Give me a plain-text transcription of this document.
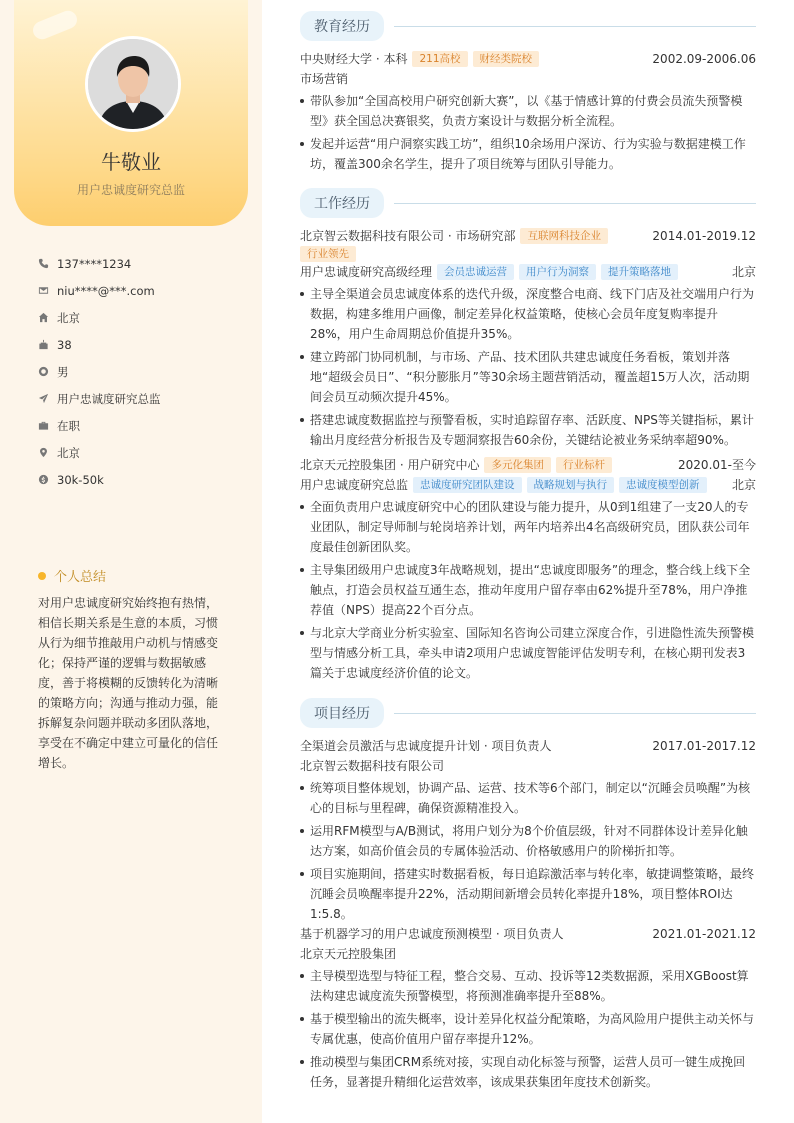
牛敬业
用户忠诚度研究总监
137****1234
niu****@***.com
北京
38
男
用户忠诚度研究总监
在职
北京
30k-50k
个人总结
对用户忠诚度研究始终抱有热情，相信长期关系是生意的本质，习惯从行为细节推敲用户动机与情感变化；保持严谨的逻辑与数据敏感度，善于将模糊的反馈转化为清晰的策略方向；沟通与推动力强，能拆解复杂问题并联动多团队落地，享受在不确定中建立可量化的信任增长。
教育经历
中央财经大学 · 本科	211高校	财经类院校	2002.09-2006.06
市场营销
带队参加“全国高校用户研究创新大赛”，以《基于情感计算的付费会员流失预警模型》获全国总决赛银奖，负责方案设计与数据分析全流程。
发起并运营“用户洞察实践工坊”，组织10余场用户深访、行为实验与数据建模工作坊，覆盖300余名学生，提升了项目统筹与团队引导能力。
工作经历
北京智云数据科技有限公司 · 市场研究部	互联网科技企业	2014.01-2019.12
行业领先
用户忠诚度研究高级经理	会员忠诚运营	用户行为洞察	提升策略落地	北京
主导全渠道会员忠诚度体系的迭代升级，深度整合电商、线下门店及社交端用户行为数据，构建多维用户画像，制定差异化权益策略，使核心会员年度复购率提升28%，用户生命周期总价值提升35%。
建立跨部门协同机制，与市场、产品、技术团队共建忠诚度任务看板，策划并落地“超级会员日”、“积分膨胀月”等30余场主题营销活动，覆盖超15万人次，活动期间会员互动频次提升45%。
搭建忠诚度数据监控与预警看板，实时追踪留存率、活跃度、NPS等关键指标，累计输出月度经营分析报告及专题洞察报告60余份，关键结论被业务采纳率超90%。
北京天元控股集团 · 用户研究中心	多元化集团	行业标杆	2020.01-至今
用户忠诚度研究总监	忠诚度研究团队建设	战略规划与执行	忠诚度模型创新	北京
全面负责用户忠诚度研究中心的团队建设与能力提升，从0到1组建了一支20人的专业团队，制定导师制与轮岗培养计划，两年内培养出4名高级研究员，团队获公司年度最佳创新团队奖。
主导集团级用户忠诚度3年战略规划，提出“忠诚度即服务”的理念，整合线上线下全触点，打造会员权益互通生态，推动年度用户留存率由62%提升至78%，用户净推荐值（NPS）提高22个百分点。
与北京大学商业分析实验室、国际知名咨询公司建立深度合作，引进隐性流失预警模型与情感分析工具，牵头申请2项用户忠诚度智能评估发明专利，在核心期刊发表3篇关于忠诚度经济价值的论文。
项目经历
全渠道会员激活与忠诚度提升计划 · 项目负责人	2017.01-2017.12
北京智云数据科技有限公司
统筹项目整体规划，协调产品、运营、技术等6个部门，制定以“沉睡会员唤醒”为核心的目标与里程碑，确保资源精准投入。
运用RFM模型与A/B测试，将用户划分为8个价值层级，针对不同群体设计差异化触达方案，如高价值会员的专属体验活动、价格敏感用户的阶梯折扣等。
项目实施期间，搭建实时数据看板，每日追踪激活率与转化率，敏捷调整策略，最终沉睡会员唤醒率提升22%，活动期间新增会员转化率提升18%，项目整体ROI达1:5.8。
基于机器学习的用户忠诚度预测模型 · 项目负责人	2021.01-2021.12
北京天元控股集团
主导模型选型与特征工程，整合交易、互动、投诉等12类数据源，采用XGBoost算法构建忠诚度流失预警模型，将预测准确率提升至88%。
基于模型输出的流失概率，设计差异化权益分配策略，为高风险用户提供主动关怀与专属优惠，使高价值用户留存率提升12%。
推动模型与集团CRM系统对接，实现自动化标签与预警，运营人员可一键生成挽回任务，显著提升精细化运营效率，该成果获集团年度技术创新奖。
